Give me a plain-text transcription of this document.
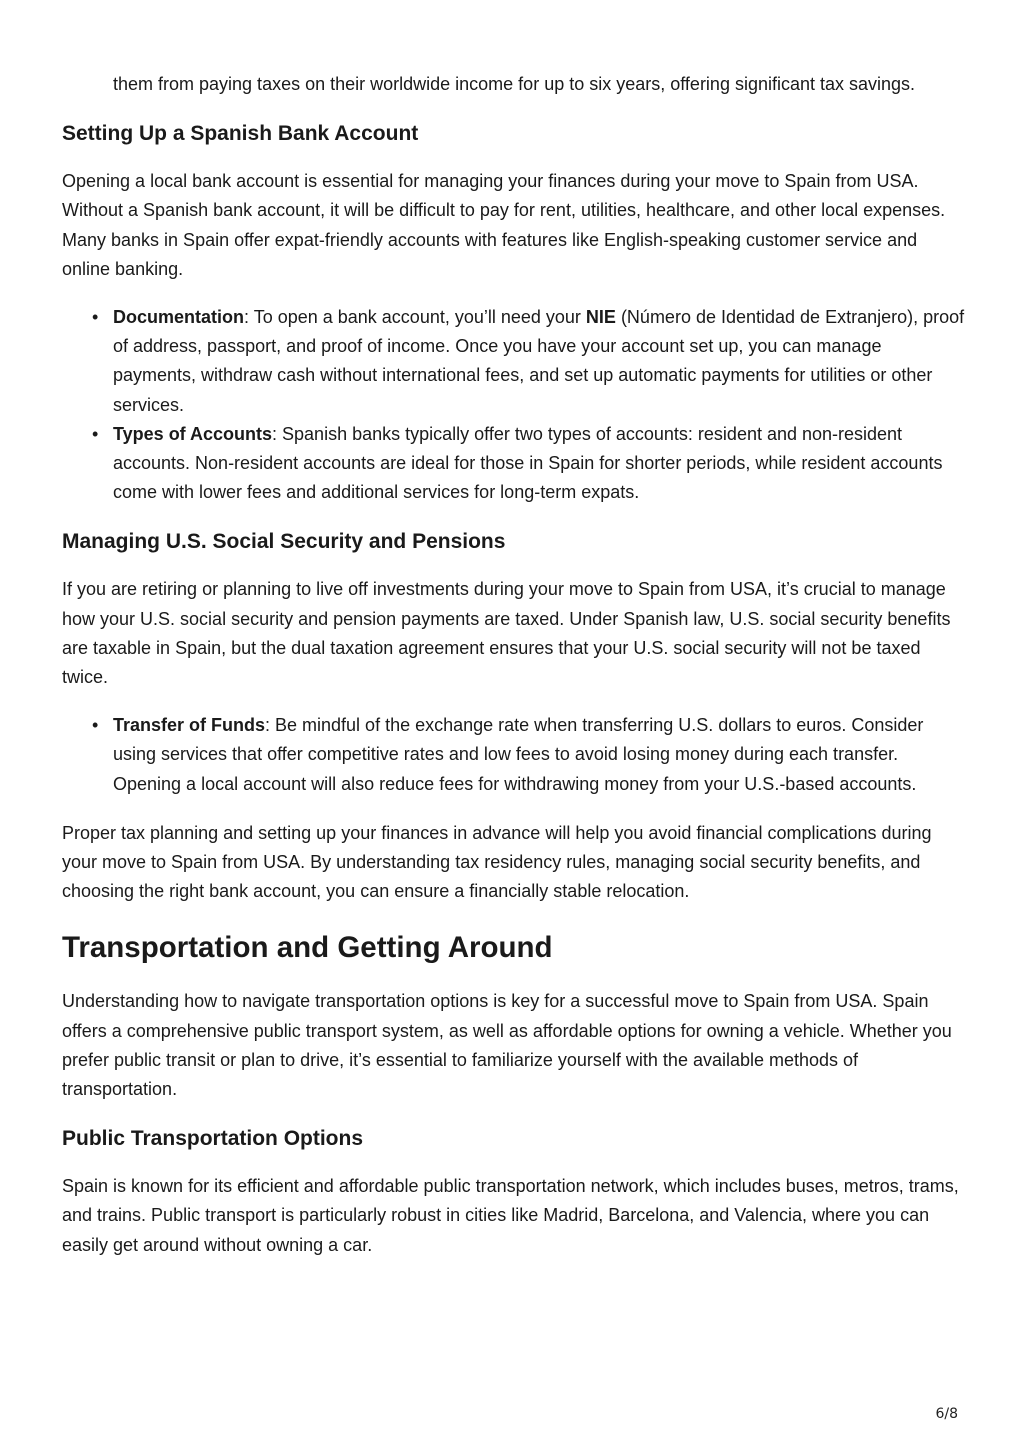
them from paying taxes on their worldwide income for up to six years, offering significant tax savings.

Setting Up a Spanish Bank Account

Opening a local bank account is essential for managing your finances during your move to Spain from USA. Without a Spanish bank account, it will be difficult to pay for rent, utilities, healthcare, and other local expenses. Many banks in Spain offer expat-friendly accounts with features like English-speaking customer service and online banking.

• Documentation: To open a bank account, you’ll need your NIE (Número de Identidad de Extranjero), proof of address, passport, and proof of income. Once you have your account set up, you can manage payments, withdraw cash without international fees, and set up automatic payments for utilities or other services.
• Types of Accounts: Spanish banks typically offer two types of accounts: resident and non-resident accounts. Non-resident accounts are ideal for those in Spain for shorter periods, while resident accounts come with lower fees and additional services for long-term expats.
Managing U.S. Social Security and Pensions

If you are retiring or planning to live off investments during your move to Spain from USA, it’s crucial to manage how your U.S. social security and pension payments are taxed. Under Spanish law, U.S. social security benefits are taxable in Spain, but the dual taxation agreement ensures that your U.S. social security will not be taxed twice.

• Transfer of Funds: Be mindful of the exchange rate when transferring U.S. dollars to euros. Consider using services that offer competitive rates and low fees to avoid losing money during each transfer. Opening a local account will also reduce fees for withdrawing money from your U.S.-based accounts.

Proper tax planning and setting up your finances in advance will help you avoid financial complications during your move to Spain from USA. By understanding tax residency rules, managing social security benefits, and choosing the right bank account, you can ensure a financially stable relocation.

Transportation and Getting Around

Understanding how to navigate transportation options is key for a successful move to Spain from USA. Spain offers a comprehensive public transport system, as well as affordable options for owning a vehicle. Whether you prefer public transit or plan to drive, it’s essential to familiarize yourself with the available methods of transportation.

Public Transportation Options

Spain is known for its efficient and affordable public transportation network, which includes buses, metros, trams, and trains. Public transport is particularly robust in cities like Madrid, Barcelona, and Valencia, where you can easily get around without owning a car.

6/8
